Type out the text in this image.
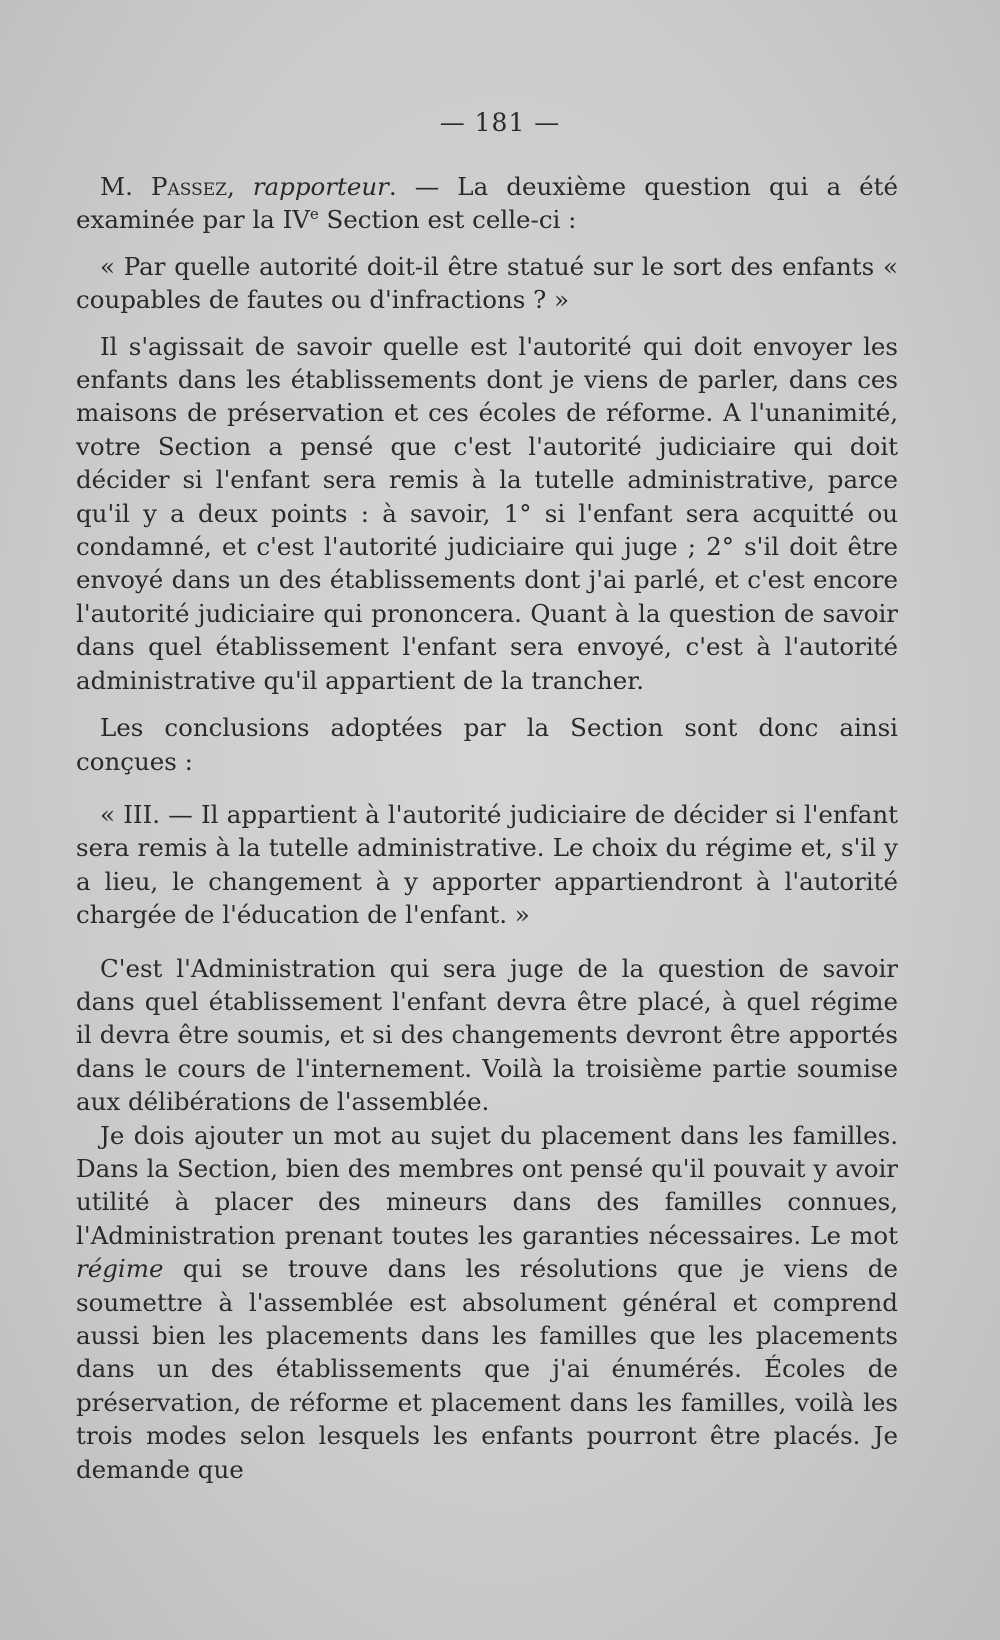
— 181 —

M. Passez, rapporteur. — La deuxième question qui a été examinée par la IVe Section est celle-ci :

« Par quelle autorité doit-il être statué sur le sort des enfants « coupables de fautes ou d'infractions ? »

Il s'agissait de savoir quelle est l'autorité qui doit envoyer les enfants dans les établissements dont je viens de parler, dans ces maisons de préservation et ces écoles de réforme. A l'unanimité, votre Section a pensé que c'est l'autorité judiciaire qui doit décider si l'enfant sera remis à la tutelle administrative, parce qu'il y a deux points : à savoir, 1° si l'enfant sera acquitté ou condamné, et c'est l'autorité judiciaire qui juge ; 2° s'il doit être envoyé dans un des établissements dont j'ai parlé, et c'est encore l'autorité judiciaire qui prononcera. Quant à la question de savoir dans quel établissement l'enfant sera envoyé, c'est à l'autorité administrative qu'il appartient de la trancher.

Les conclusions adoptées par la Section sont donc ainsi conçues :

« III. — Il appartient à l'autorité judiciaire de décider si l'enfant sera remis à la tutelle administrative. Le choix du régime et, s'il y a lieu, le changement à y apporter appartiendront à l'autorité chargée de l'éducation de l'enfant. »

C'est l'Administration qui sera juge de la question de savoir dans quel établissement l'enfant devra être placé, à quel régime il devra être soumis, et si des changements devront être apportés dans le cours de l'internement. Voilà la troisième partie soumise aux délibérations de l'assemblée.

Je dois ajouter un mot au sujet du placement dans les familles. Dans la Section, bien des membres ont pensé qu'il pouvait y avoir utilité à placer des mineurs dans des familles connues, l'Administration prenant toutes les garanties nécessaires. Le mot régime qui se trouve dans les résolutions que je viens de soumettre à l'assemblée est absolument général et comprend aussi bien les placements dans les familles que les placements dans un des établissements que j'ai énumérés. Écoles de préservation, de réforme et placement dans les familles, voilà les trois modes selon lesquels les enfants pourront être placés. Je demande que
